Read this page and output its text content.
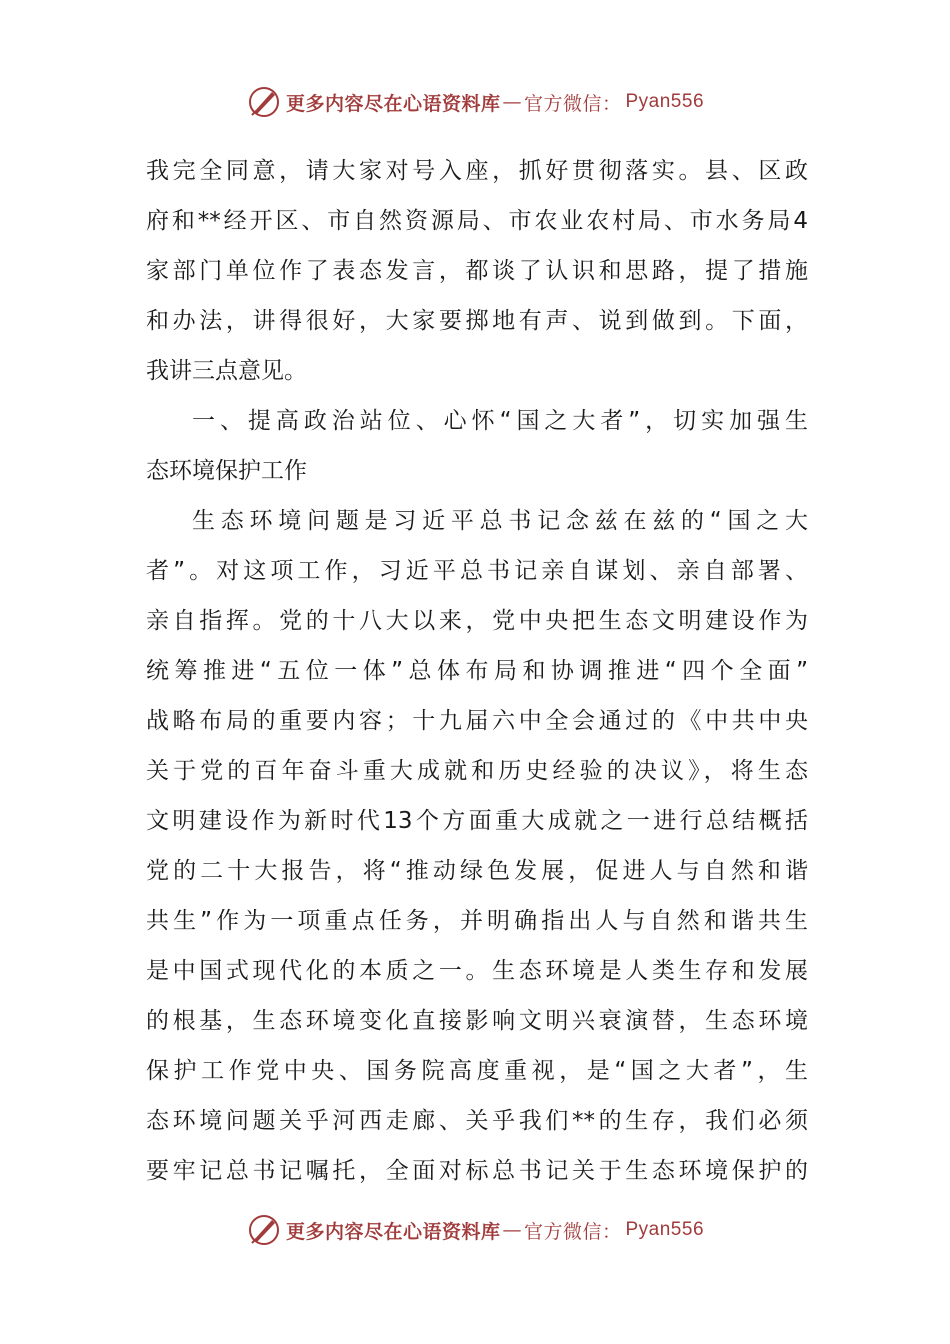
更多内容尽在心语资料库 — 官方微信： Pyan556
我完全同意，请大家对号入座，抓好贯彻落实。县、区政
府和**经开区、市自然资源局、市农业农村局、市水务局4
家部门单位作了表态发言，都谈了认识和思路，提了措施
和办法，讲得很好，大家要掷地有声、说到做到。下面，
我讲三点意见。
一、提高政治站位、心怀“国之大者”，切实加强生
态环境保护工作
生态环境问题是习近平总书记念兹在兹的“国之大
者”。对这项工作，习近平总书记亲自谋划、亲自部署、
亲自指挥。党的十八大以来，党中央把生态文明建设作为
统筹推进“五位一体”总体布局和协调推进“四个全面”
战略布局的重要内容；十九届六中全会通过的《中共中央
关于党的百年奋斗重大成就和历史经验的决议》，将生态
文明建设作为新时代13个方面重大成就之一进行总结概括
党的二十大报告，将“推动绿色发展，促进人与自然和谐
共生”作为一项重点任务，并明确指出人与自然和谐共生
是中国式现代化的本质之一。生态环境是人类生存和发展
的根基，生态环境变化直接影响文明兴衰演替，生态环境
保护工作党中央、国务院高度重视，是“国之大者”，生
态环境问题关乎河西走廊、关乎我们**的生存，我们必须
要牢记总书记嘱托，全面对标总书记关于生态环境保护的
更多内容尽在心语资料库 — 官方微信： Pyan556
